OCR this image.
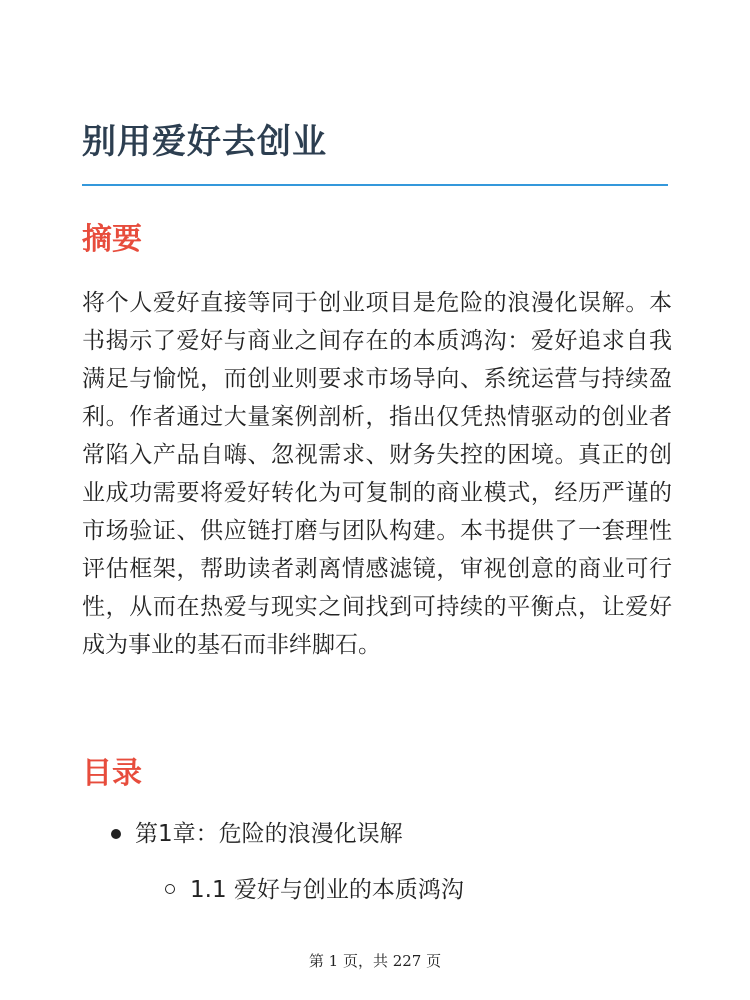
别用爱好去创业
摘要

将个人爱好直接等同于创业项目是危险的浪漫化误解。本书揭示了爱好与商业之间存在的本质鸿沟：爱好追求自我满足与愉悦，而创业则要求市场导向、系统运营与持续盈利。作者通过大量案例剖析，指出仅凭热情驱动的创业者常陷入产品自嗨、忽视需求、财务失控的困境。真正的创业成功需要将爱好转化为可复制的商业模式，经历严谨的市场验证、供应链打磨与团队构建。本书提供了一套理性评估框架，帮助读者剥离情感滤镜，审视创意的商业可行性，从而在热爱与现实之间找到可持续的平衡点，让爱好成为事业的基石而非绊脚石。

目录
第1章：危险的浪漫化误解
1.1 爱好与创业的本质鸿沟
第 1 页，共 227 页
